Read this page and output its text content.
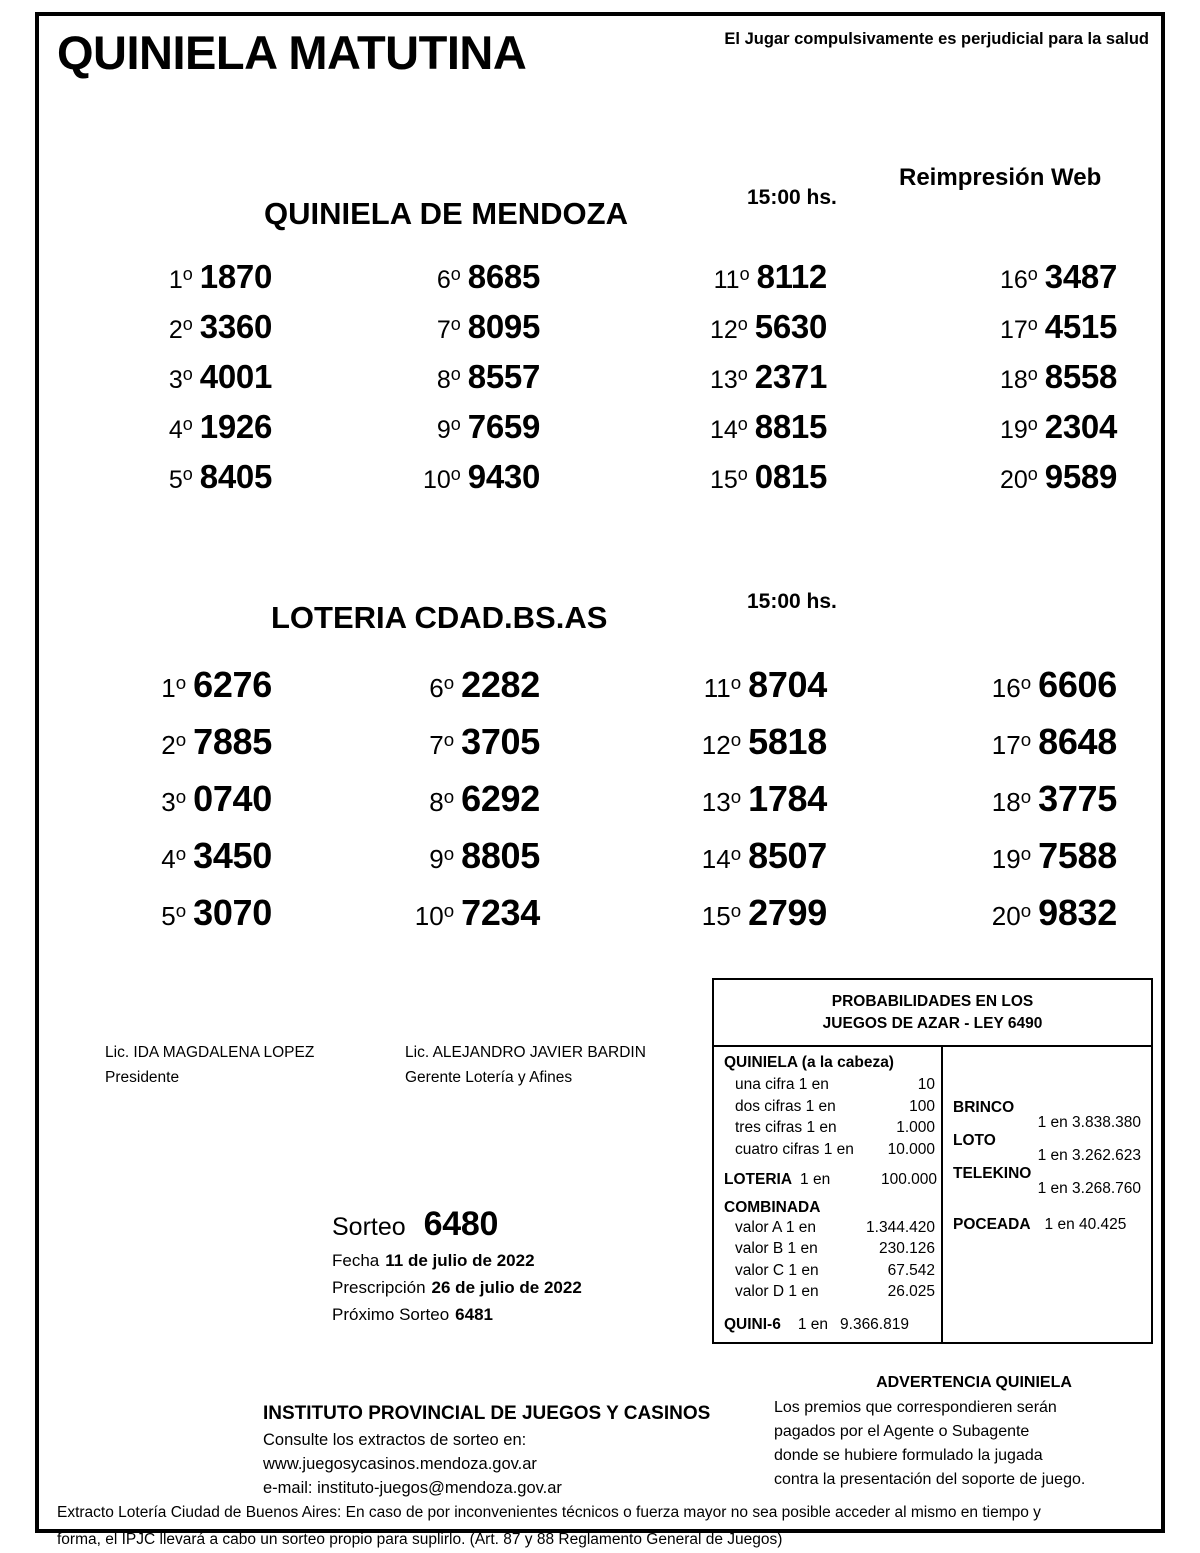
QUINIELA MATUTINA	El Jugar compulsivamente es perjudicial para la salud
Reimpresión Web
QUINIELA DE MENDOZA	15:00 hs.
1$^o$ 1870	6$^o$ 8685	11$^o$ 8112	16$^o$ 3487
2$^o$ 3360	7$^o$ 8095	12$^o$ 5630	17$^o$ 4515
3$^o$ 4001	8$^o$ 8557	13$^o$ 2371	18$^o$ 8558
4$^o$ 1926	9$^o$ 7659	14$^o$ 8815	19$^o$ 2304
5$^o$ 8405	10$^o$ 9430	15$^o$ 0815	20$^o$ 9589
LOTERIA CDAD.BS.AS	15:00 hs.
1$^o$ 6276	6$^o$ 2282	11$^o$ 8704	16$^o$ 6606
2$^o$ 7885	7$^o$ 3705	12$^o$ 5818	17$^o$ 8648
3$^o$ 0740	8$^o$ 6292	13$^o$ 1784	18$^o$ 3775
4$^o$ 3450	9$^o$ 8805	14$^o$ 8507	19$^o$ 7588
5$^o$ 3070	10$^o$ 7234	15$^o$ 2799	20$^o$ 9832
Lic. IDA MAGDALENA LOPEZ	Lic. ALEJANDRO JAVIER BARDIN
Presidente	Gerente Lotería y Afines
Sorteo 6480
Fecha 11 de julio de 2022
Prescripción 26 de julio de 2022
Próximo Sorteo 6481
PROBABILIDADES EN LOS
JUEGOS DE AZAR - LEY 6490
QUINIELA (a la cabeza)
una cifra 1 en	10
dos cifras 1 en	100
tres cifras 1 en	1.000
cuatro cifras 1 en 10.000
LOTERIA 1 en	100.000
COMBINADA
valor A 1 en	1.344.420
valor B 1 en	230.126
valor C 1 en	67.542
valor D 1 en	26.025
QUINI-6 1 en 9.366.819
BRINCO
1 en 3.838.380
LOTO
1 en 3.262.623
TELEKINO
1 en 3.268.760
POCEADA 1 en 40.425
ADVERTENCIA QUINIELA
Los premios que correspondieren serán
pagados por el Agente o Subagente
donde se hubiere formulado la jugada
contra la presentación del soporte de juego.
INSTITUTO PROVINCIAL DE JUEGOS Y CASINOS
Consulte los extractos de sorteo en:
www.juegosycasinos.mendoza.gov.ar
e-mail: instituto-juegos@mendoza.gov.ar
Extracto Lotería Ciudad de Buenos Aires: En caso de por inconvenientes técnicos o fuerza mayor no sea posible acceder al mismo en tiempo y
forma, el IPJC llevará a cabo un sorteo propio para suplirlo. (Art. 87 y 88 Reglamento General de Juegos)
